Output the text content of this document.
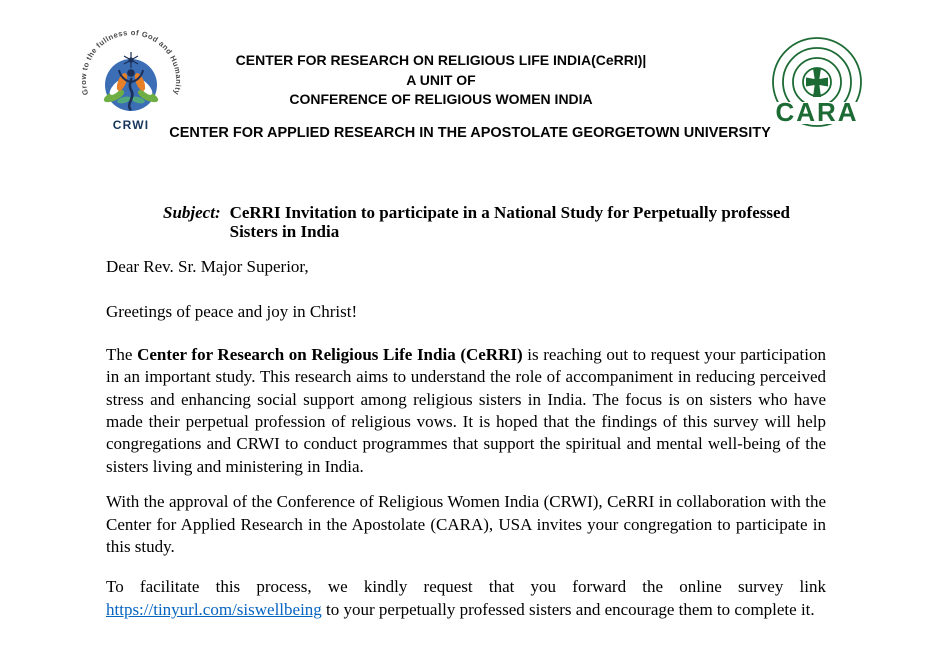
Grow to the fullness of God and Humanity
CRWI	CARA
CENTER FOR RESEARCH ON RELIGIOUS LIFE INDIA(CeRRI)|
A UNIT OF
CONFERENCE OF RELIGIOUS WOMEN INDIA
CENTER FOR APPLIED RESEARCH IN THE APOSTOLATE GEORGETOWN UNIVERSITY
Subject: CeRRI Invitation to participate in a National Study for Perpetually professed Sisters in India

Dear Rev. Sr. Major Superior,

Greetings of peace and joy in Christ!

The Center for Research on Religious Life India (CeRRI) is reaching out to request your participation in an important study. This research aims to understand the role of accompaniment in reducing perceived stress and enhancing social support among religious sisters in India. The focus is on sisters who have made their perpetual profession of religious vows. It is hoped that the findings of this survey will help congregations and CRWI to conduct programmes that support the spiritual and mental well-being of the sisters living and ministering in India.

With the approval of the Conference of Religious Women India (CRWI), CeRRI in collaboration with the Center for Applied Research in the Apostolate (CARA), USA invites your congregation to participate in this study.

To facilitate this process, we kindly request that you forward the online survey link https://tinyurl.com/siswellbeing to your perpetually professed sisters and encourage them to complete it.
